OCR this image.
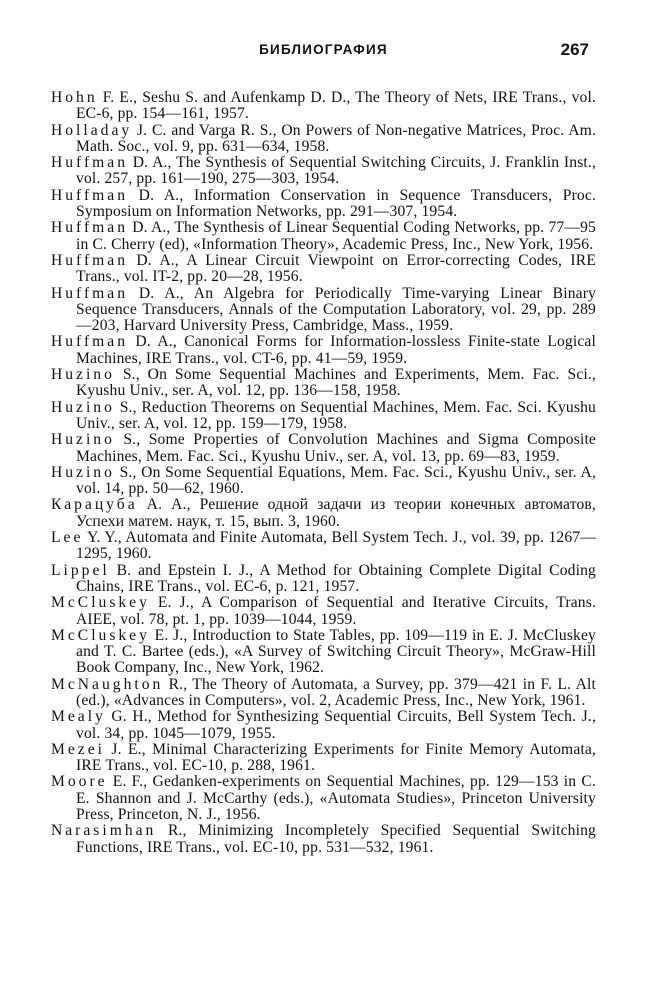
БИБЛИОГРАФИЯ	267
Hohn F. E., Seshu S. and Aufenkamp D. D., The Theory of Nets, IRE Trans., vol. EC-6, pp. 154—161, 1957.
Holladay J. C. and Varga R. S., On Powers of Non-negative Matrices, Proc. Am. Math. Soc., vol. 9, pp. 631—634, 1958.
Huffman D. A., The Synthesis of Sequential Switching Circuits, J. Franklin Inst., vol. 257, pp. 161—190, 275—303, 1954.
Huffman D. A., Information Conservation in Sequence Transducers, Proc. Symposium on Information Networks, pp. 291—307, 1954.
Huffman D. A., The Synthesis of Linear Sequential Coding Networks, pp. 77—95 in C. Cherry (ed), «Information Theory», Academic Press, Inc., New York, 1956.
Huffman D. A., A Linear Circuit Viewpoint on Error-correcting Codes, IRE Trans., vol. IT-2, pp. 20—28, 1956.
Huffman D. A., An Algebra for Periodically Time-varying Linear Binary Sequence Transducers, Annals of the Computation Laboratory, vol. 29, pp. 289—203, Harvard University Press, Cambridge, Mass., 1959.
Huffman D. A., Canonical Forms for Information-lossless Finite-state Logical Machines, IRE Trans., vol. CT-6, pp. 41—59, 1959.
Huzino S., On Some Sequential Machines and Experiments, Mem. Fac. Sci., Kyushu Univ., ser. A, vol. 12, pp. 136—158, 1958.
Huzino S., Reduction Theorems on Sequential Machines, Mem. Fac. Sci. Kyushu Univ., ser. A, vol. 12, pp. 159—179, 1958.
Huzino S., Some Properties of Convolution Machines and Sigma Composite Machines, Mem. Fac. Sci., Kyushu Univ., ser. A, vol. 13, pp. 69—83, 1959.
Huzino S., On Some Sequential Equations, Mem. Fac. Sci., Kyushu Univ., ser. A, vol. 14, pp. 50—62, 1960.
Карацуба А. А., Решение одной задачи из теории конечных автоматов, Успехи матем. наук, т. 15, вып. 3, 1960.
Lee Y. Y., Automata and Finite Automata, Bell System Tech. J., vol. 39, pp. 1267—1295, 1960.
Lippel B. and Epstein I. J., A Method for Obtaining Complete Digital Coding Chains, IRE Trans., vol. EC-6, p. 121, 1957.
McCluskey E. J., A Comparison of Sequential and Iterative Circuits, Trans. AIEE, vol. 78, pt. 1, pp. 1039—1044, 1959.
McCluskey E. J., Introduction to State Tables, pp. 109—119 in E. J. McCluskey and T. C. Bartee (eds.), «A Survey of Switching Circuit Theory», McGraw-Hill Book Company, Inc., New York, 1962.
McNaughton R., The Theory of Automata, a Survey, pp. 379—421 in F. L. Alt (ed.), «Advances in Computers», vol. 2, Academic Press, Inc., New York, 1961.
Mealy G. H., Method for Synthesizing Sequential Circuits, Bell System Tech. J., vol. 34, pp. 1045—1079, 1955.
Mezei J. E., Minimal Characterizing Experiments for Finite Memory Automata, IRE Trans., vol. EC-10, p. 288, 1961.
Moore E. F., Gedanken-experiments on Sequential Machines, pp. 129—153 in C. E. Shannon and J. McCarthy (eds.), «Automata Studies», Princeton University Press, Princeton, N. J., 1956.
Narasimhan R., Minimizing Incompletely Specified Sequential Switching Functions, IRE Trans., vol. EC-10, pp. 531—532, 1961.
